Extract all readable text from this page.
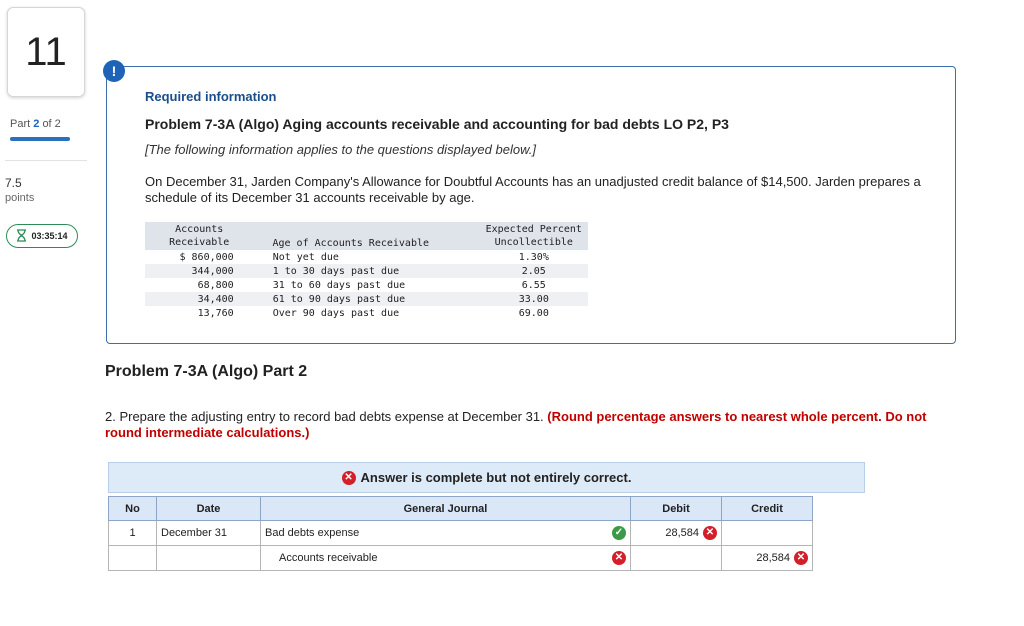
11
Part 2 of 2
7.5
points
03:35:14
!
Required information
Problem 7-3A (Algo) Aging accounts receivable and accounting for bad debts LO P2, P3
[The following information applies to the questions displayed below.]
On December 31, Jarden Company's Allowance for Doubtful Accounts has an unadjusted credit balance of $14,500. Jarden prepares a schedule of its December 31 accounts receivable by age.
Accounts
Receivable	Age of Accounts Receivable
Expected Percent
Uncollectible
$ 860,000	Not yet due	1.30%
344,000	1 to 30 days past due	2.05
68,800	31 to 60 days past due	6.55
34,400	61 to 90 days past due	33.00
13,760	Over 90 days past due	69.00
Problem 7-3A (Algo) Part 2
2. Prepare the adjusting entry to record bad debts expense at December 31. (Round percentage answers to nearest whole percent. Do not round intermediate calculations.)
✕ Answer is complete but not entirely correct.
No	Date	General Journal	Debit	Credit
1	December 31	Bad debts expense ✓	28,584 ✕	
		Accounts receivable ✕		28,584 ✕
